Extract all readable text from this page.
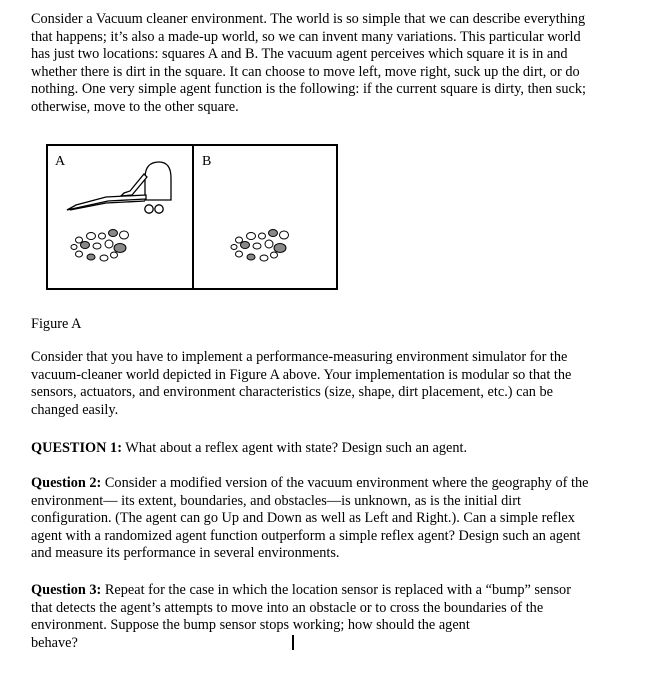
Consider a Vacuum cleaner environment. The world is so simple that we can describe everything
that happens; it’s also a made-up world, so we can invent many variations. This particular world
has just two locations: squares A and B. The vacuum agent perceives which square it is in and
whether there is dirt in the square. It can choose to move left, move right, suck up the dirt, or do
nothing. One very simple agent function is the following: if the current square is dirty, then suck;
otherwise, move to the other square.

A	B

Figure A

Consider that you have to implement a performance-measuring environment simulator for the
vacuum-cleaner world depicted in Figure A above. Your implementation is modular so that the
sensors, actuators, and environment characteristics (size, shape, dirt placement, etc.) can be
changed easily.

QUESTION 1: What about a reflex agent with state? Design such an agent.

Question 2: Consider a modified version of the vacuum environment where the geography of the
environment— its extent, boundaries, and obstacles—is unknown, as is the initial dirt
configuration. (The agent can go Up and Down as well as Left and Right.). Can a simple reflex
agent with a randomized agent function outperform a simple reflex agent? Design such an agent
and measure its performance in several environments.

Question 3: Repeat for the case in which the location sensor is replaced with a “bump” sensor
that detects the agent’s attempts to move into an obstacle or to cross the boundaries of the
environment. Suppose the bump sensor stops working; how should the agent
behave?
